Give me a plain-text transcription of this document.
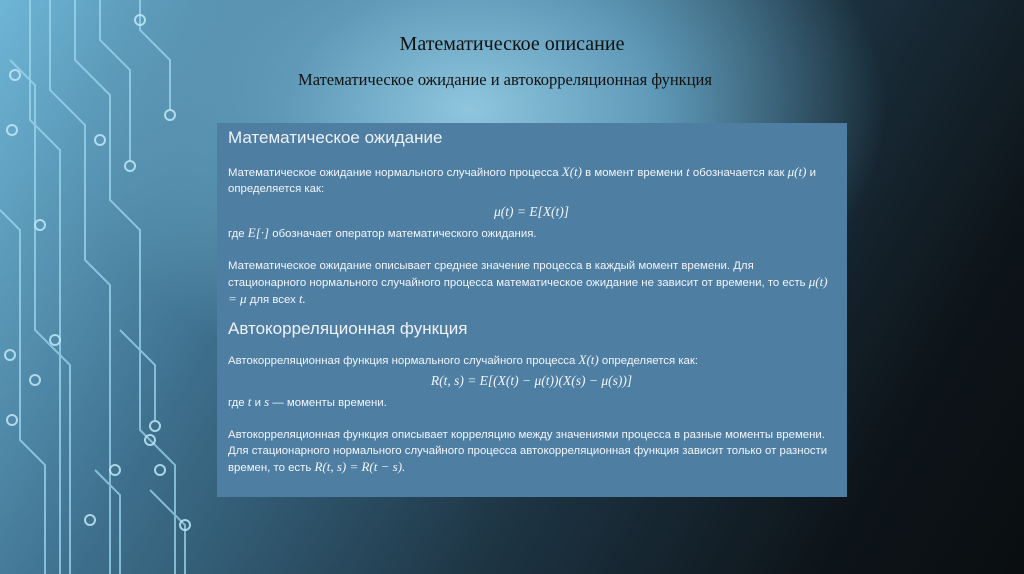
Математическое описание
Математическое ожидание и автокорреляционная функция
Математическое ожидание

Математическое ожидание нормального случайного процесса X(t) в момент времени t обозначается как μ(t) и определяется как:

μ(t) = E[X(t)]

где E[·] обозначает оператор математического ожидания.

Математическое ожидание описывает среднее значение процесса в каждый момент времени. Для стационарного нормального случайного процесса математическое ожидание не зависит от времени, то есть μ(t) = μ для всех t.

Автокорреляционная функция

Автокорреляционная функция нормального случайного процесса X(t) определяется как:

R(t, s) = E[(X(t) − μ(t))(X(s) − μ(s))]

где t и s — моменты времени.

Автокорреляционная функция описывает корреляцию между значениями процесса в разные моменты времени. Для стационарного нормального случайного процесса автокорреляционная функция зависит только от разности времен, то есть R(t, s) = R(t − s).
